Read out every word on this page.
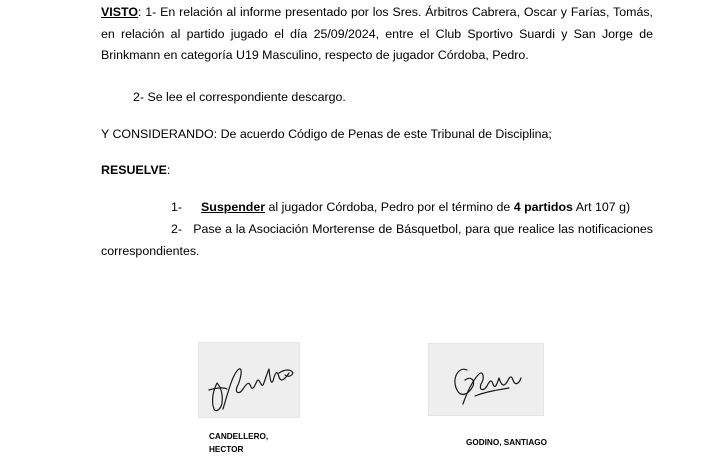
VISTO: 1- En relación al informe presentado por los Sres. Árbitros Cabrera, Oscar y Farías, Tomás, en relación al partido jugado el día 25/09/2024, entre el Club Sportivo Suardi y San Jorge de Brinkmann en categoría U19 Masculino, respecto de jugador Córdoba, Pedro.

2- Se lee el correspondiente descargo.

Y CONSIDERANDO: De acuerdo Código de Penas de este Tribunal de Disciplina;

RESUELVE:

1- Suspender al jugador Córdoba, Pedro por el término de 4 partidos Art 107 g)

2- Pase a la Asociación Morterense de Básquetbol, para que realice las notificaciones correspondientes.

CANDELLERO,
HECTOR
GODINO, SANTIAGO
